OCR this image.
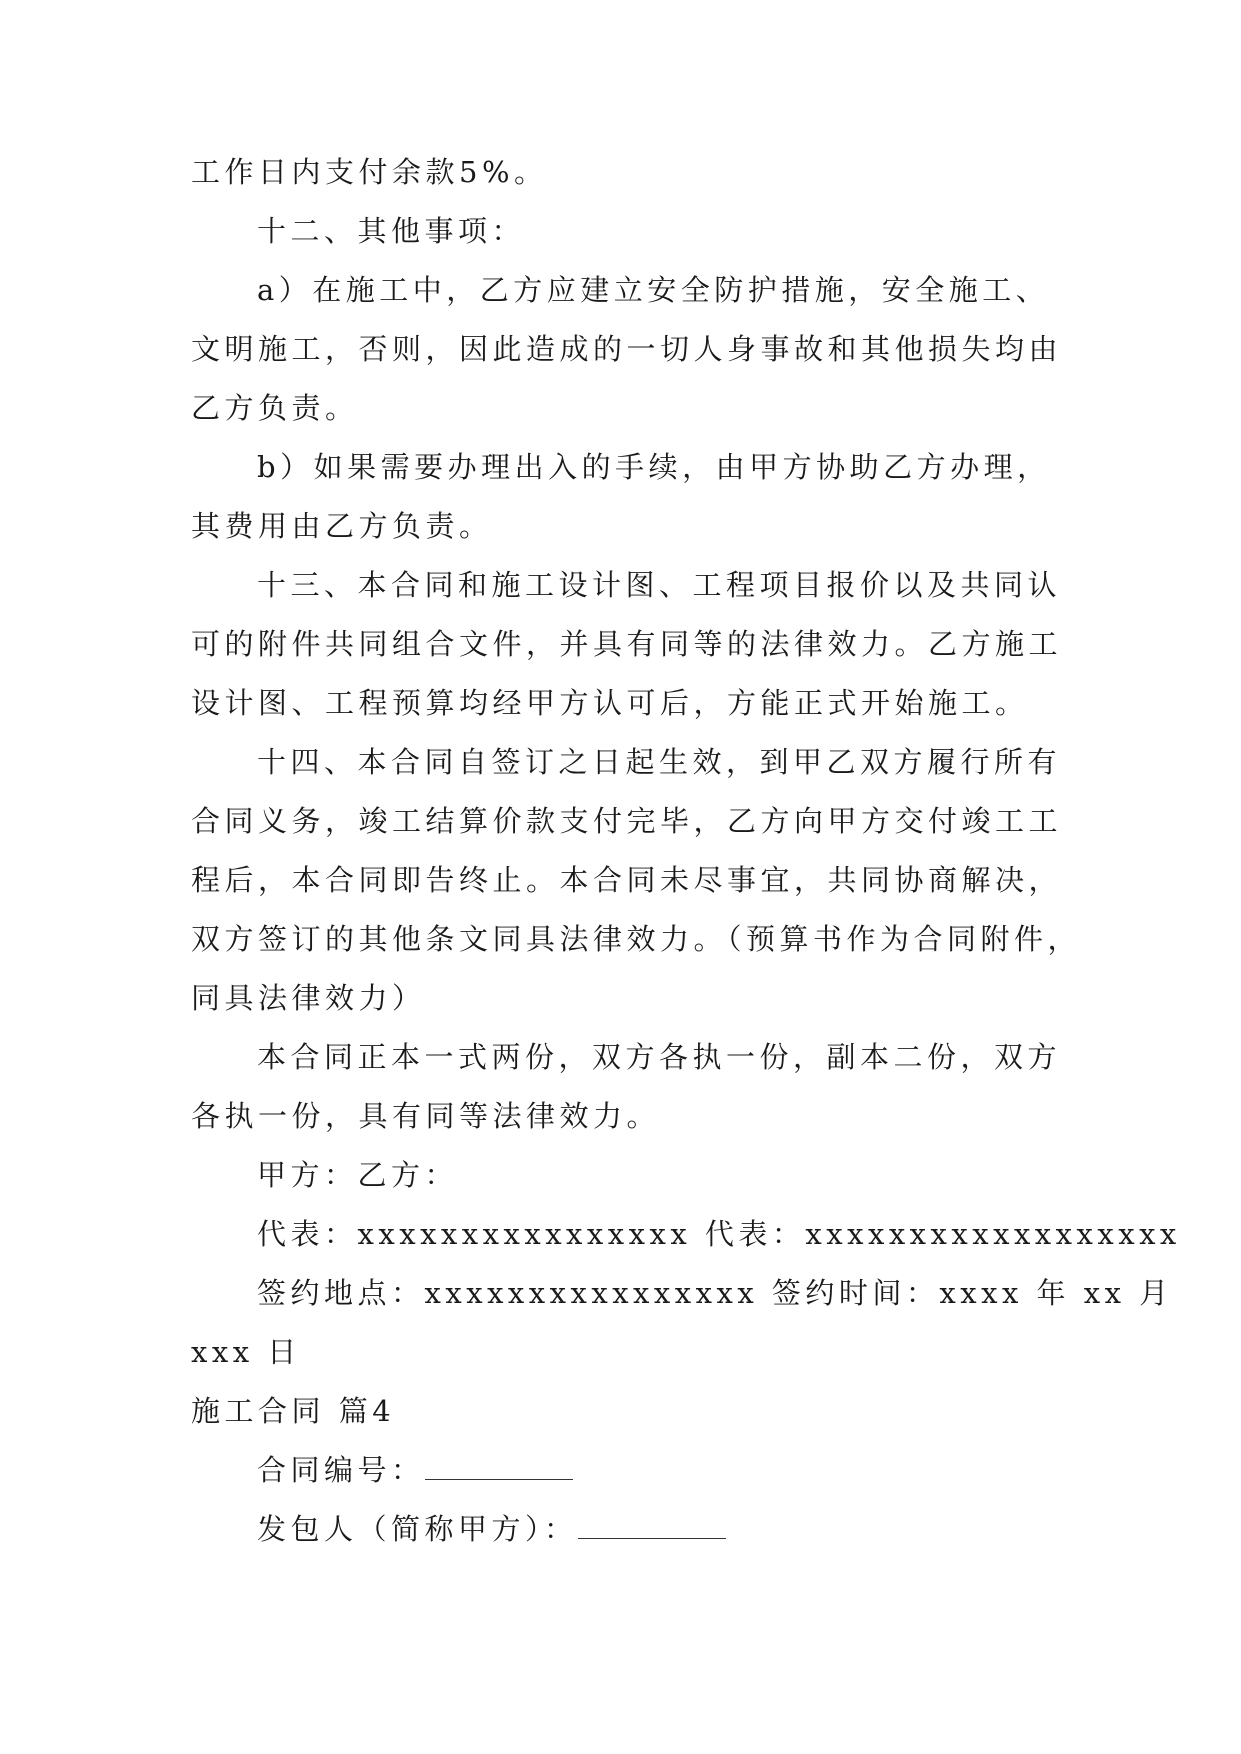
工作日内支付余款5%。
十二、其他事项：
a）在施工中，乙方应建立安全防护措施，安全施工、
文明施工，否则，因此造成的一切人身事故和其他损失均由
乙方负责。
b）如果需要办理出入的手续，由甲方协助乙方办理，
其费用由乙方负责。
十三、本合同和施工设计图、工程项目报价以及共同认
可的附件共同组合文件，并具有同等的法律效力。乙方施工
设计图、工程预算均经甲方认可后，方能正式开始施工。
十四、本合同自签订之日起生效，到甲乙双方履行所有
合同义务，竣工结算价款支付完毕，乙方向甲方交付竣工工
程后，本合同即告终止。本合同未尽事宜，共同协商解决，
双方签订的其他条文同具法律效力。（预算书作为合同附件，
同具法律效力）
本合同正本一式两份，双方各执一份，副本二份，双方
各执一份，具有同等法律效力。
甲方：乙方：
代表：xxxxxxxxxxxxxxxx 代表：xxxxxxxxxxxxxxxxxx
签约地点：xxxxxxxxxxxxxxxx 签约时间：xxxx 年 xx 月
xxx 日
施工合同 篇4
合同编号：
发包人（简称甲方）：
